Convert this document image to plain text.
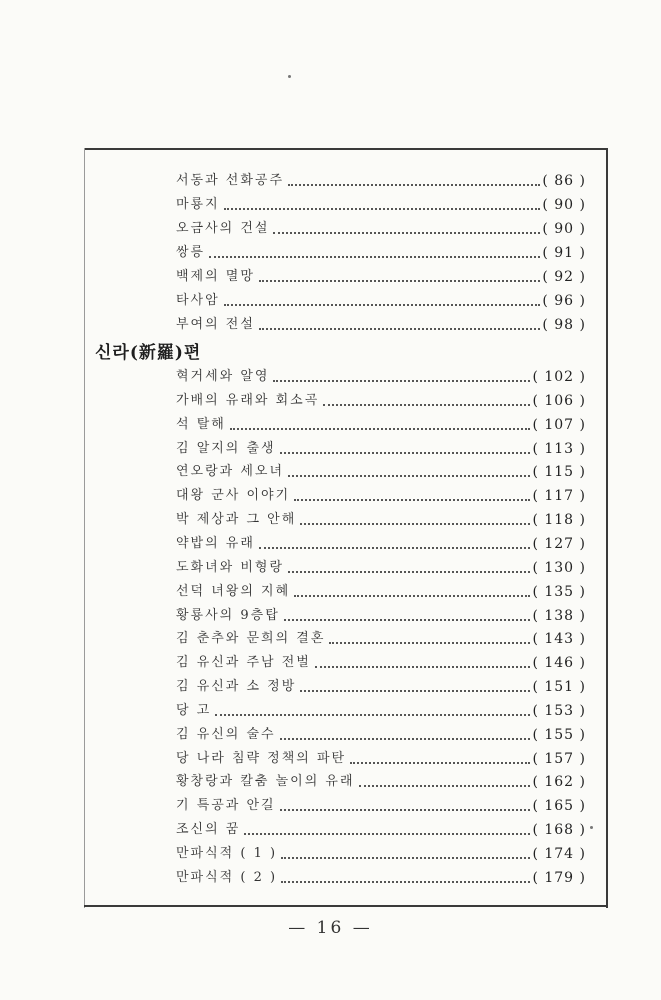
신라(新羅)편
서동과 선화공주	( 86 )
마룡지	( 90 )
오금사의 건설	( 90 )
쌍릉	( 91 )
백제의 멸망	( 92 )
타사암	( 96 )
부여의 전설	( 98 )
혁거세와 알영	( 102 )
가배의 유래와 회소곡	( 106 )
석 탈해	( 107 )
김 알지의 출생	( 113 )
연오랑과 세오녀	( 115 )
대왕 군사 이야기	( 117 )
박 제상과 그 안해	( 118 )
약밥의 유래	( 127 )
도화녀와 비형랑	( 130 )
선덕 녀왕의 지혜	( 135 )
황룡사의 9층탑	( 138 )
김 춘추와 문희의 결혼	( 143 )
김 유신과 주남 전벌	( 146 )
김 유신과 소 정방	( 151 )
당 고	( 153 )
김 유신의 술수	( 155 )
당 나라 침략 정책의 파탄	( 157 )
황창랑과 칼춤 놀이의 유래	( 162 )
기 특공과 안길	( 165 )
조신의 꿈	( 168 )
만파식적 ( 1 )	( 174 )
만파식적 ( 2 )	( 179 )
— 16 —
